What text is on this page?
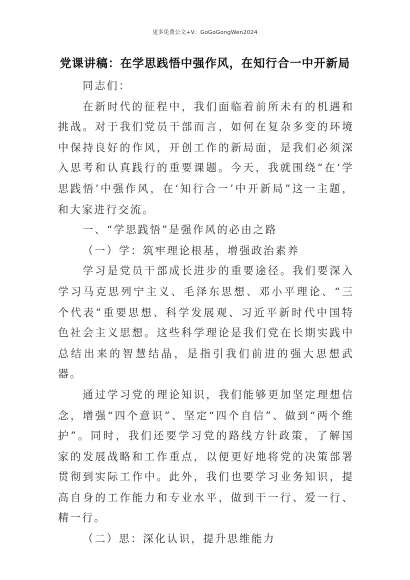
更多免费公文+V：GoGoGongWen2024
党课讲稿：在学思践悟中强作风，在知行合一中开新局

同志们：

在新时代的征程中，我们面临着前所未有的机遇和挑战。对于我们党员干部而言，如何在复杂多变的环境中保持良好的作风，开创工作的新局面，是我们必须深入思考和认真践行的重要课题。今天，我就围绕“在‘学思践悟’中强作风，在‘知行合一’中开新局”这一主题，和大家进行交流。

一、“学思践悟”是强作风的必由之路

（一）学：筑牢理论根基，增强政治素养

学习是党员干部成长进步的重要途径。我们要深入学习马克思列宁主义、毛泽东思想、邓小平理论、“三个代表”重要思想、科学发展观、习近平新时代中国特色社会主义思想。这些科学理论是我们党在长期实践中总结出来的智慧结晶，是指引我们前进的强大思想武器。

通过学习党的理论知识，我们能够更加坚定理想信念，增强“四个意识”、坚定“四个自信”、做到“两个维护”。同时，我们还要学习党的路线方针政策，了解国家的发展战略和工作重点，以便更好地将党的决策部署贯彻到实际工作中。此外，我们也要学习业务知识，提高自身的工作能力和专业水平，做到干一行、爱一行、精一行。

（二）思：深化认识，提升思维能力
